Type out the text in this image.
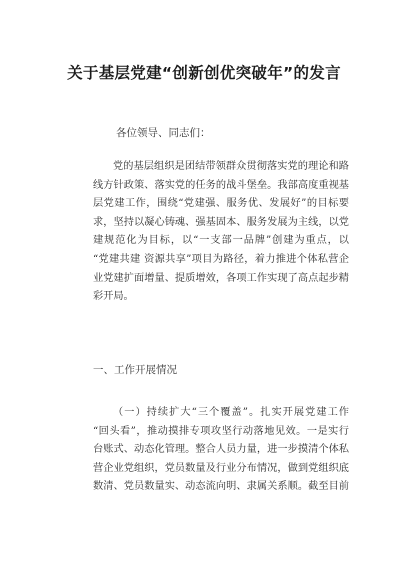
关于基层党建“创新创优突破年”的发言
各位领导、同志们：
党的基层组织是团结带领群众贯彻落实党的理论和路
线方针政策、落实党的任务的战斗堡垒。我部高度重视基
层党建工作，围绕“党建强、服务优、发展好”的目标要
求，坚持以凝心铸魂、强基固本、服务发展为主线，以党
建规范化为目标，以“一支部一品牌”创建为重点，以
“党建共建 资源共享”项目为路径，着力推进个体私营企
业党建扩面增量、提质增效，各项工作实现了高点起步精
彩开局。
一、工作开展情况
（一）持续扩大“三个覆盖”。扎实开展党建工作
“回头看”，推动摸排专项攻坚行动落地见效。一是实行
台账式、动态化管理。整合人员力量，进一步摸清个体私
营企业党组织，党员数量及行业分布情况，做到党组织底
数清、党员数量实、动态流向明、隶属关系顺。截至目前
